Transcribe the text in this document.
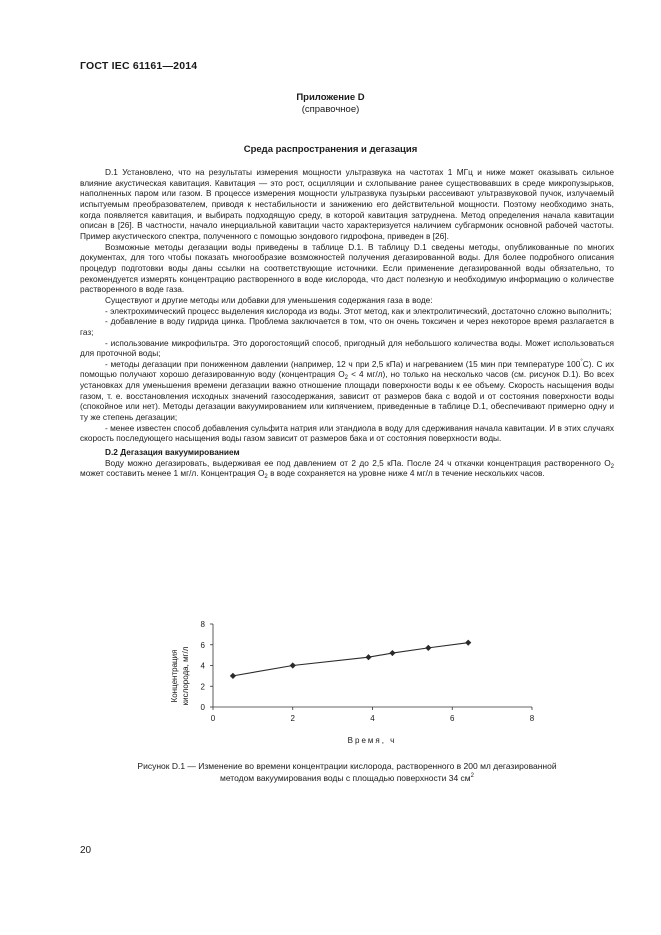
ГОСТ IEC 61161—2014
Приложение D
(справочное)
Среда распространения и дегазация

D.1 Установлено, что на результаты измерения мощности ультразвука на частотах 1 МГц и ниже может оказывать сильное влияние акустическая кавитация. Кавитация — это рост, осцилляции и схлопывание ранее существовавших в среде микропузырьков, наполненных паром или газом. В процессе измерения мощности ультразвука пузырьки рассеивают ультразвуковой пучок, излучаемый испытуемым преобразователем, приводя к нестабильности и занижению его действительной мощности. Поэтому необходимо знать, когда появляется кавитация, и выбирать подходящую среду, в которой кавитация затруднена. Метод определения начала кавитации описан в [26]. В частности, начало инерциальной кавитации часто характеризуется наличием субгармоник основной рабочей частоты. Пример акустического спектра, полученного с помощью зондового гидрофона, приведен в [26].

Возможные методы дегазации воды приведены в таблице D.1. В таблицу D.1 сведены методы, опубликованные по многих документах, для того чтобы показать многообразие возможностей получения дегазированной воды. Для более подробного описания процедур подготовки воды даны ссылки на соответствующие источники. Если применение дегазированной воды обязательно, то рекомендуется измерять концентрацию растворенного в воде кислорода, что даст полезную и необходимую информацию о количестве растворенного в воде газа.

Существуют и другие методы или добавки для уменьшения содержания газа в воде:

- электрохимический процесс выделения кислорода из воды. Этот метод, как и электролитический, достаточно сложно выполнить;

- добавление в воду гидрида цинка. Проблема заключается в том, что он очень токсичен и через некоторое время разлагается в газ;

- использование микрофильтра. Это дорогостоящий способ, пригодный для небольшого количества воды. Может использоваться для проточной воды;

- методы дегазации при пониженном давлении (например, 12 ч при 2,5 кПа) и нагреванием (15 мин при температуре 100°С). С их помощью получают хорошо дегазированную воду (концентрация $O_2 < 4$ мг/л), но только на несколько часов (см. рисунок D.1). Во всех установках для уменьшения времени дегазации важно отношение площади поверхности воды к ее объему. Скорость насыщения воды газом, т. е. восстановления исходных значений газосодержания, зависит от размеров бака с водой и от состояния поверхности воды (спокойное или нет). Методы дегазации вакуумированием или кипячением, приведенные в таблице D.1, обеспечивают примерно одну и ту же степень дегазации;

- менее известен способ добавления сульфита натрия или этандиола в воду для сдерживания начала кавитации. И в этих случаях скорость последующего насыщения воды газом зависит от размеров бака и от состояния поверхности воды.

D.2 Дегазация вакуумированием

Воду можно дегазировать, выдерживая ее под давлением от 2 до 2,5 кПа. После 24 ч откачки концентрация растворенного $O_2$ может составить менее 1 мг/л. Концентрация $O_2$ в воде сохраняется на уровне ниже 4 мг/л в течение нескольких часов.

0
2
4
6
8
0	2	4	6	8
Концентрация кислорода, мг/л
Время, ч
Рисунок D.1 — Изменение во времени концентрации кислорода, растворенного в 200 мл дегазированной
методом вакуумирования воды с площадью поверхности 34 $см^2$
20
